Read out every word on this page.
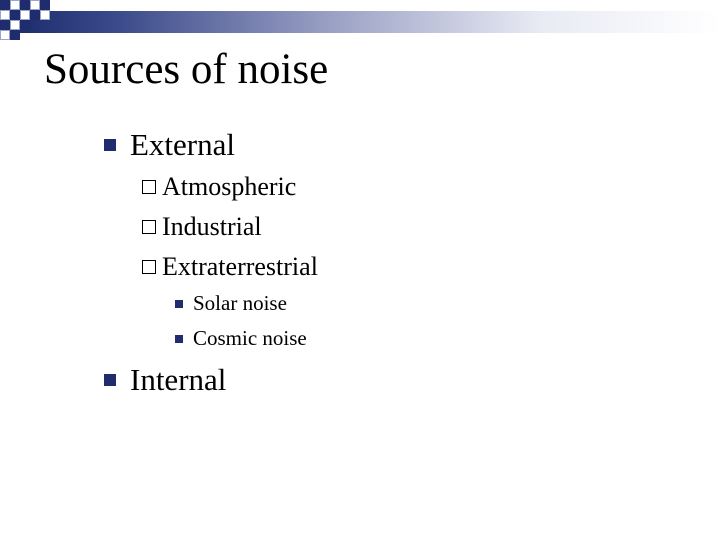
Sources of noise
External
Atmospheric
Industrial
Extraterrestrial
Solar noise
Cosmic noise
Internal
